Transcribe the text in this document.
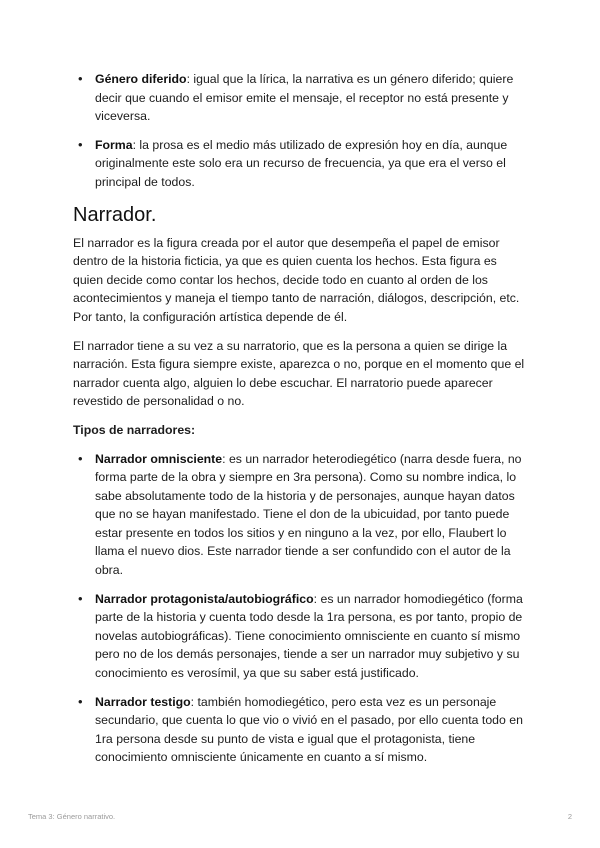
• Género diferido: igual que la lírica, la narrativa es un género diferido; quiere decir que cuando el emisor emite el mensaje, el receptor no está presente y viceversa.
• Forma: la prosa es el medio más utilizado de expresión hoy en día, aunque originalmente este solo era un recurso de frecuencia, ya que era el verso el principal de todos.
Narrador.

El narrador es la figura creada por el autor que desempeña el papel de emisor dentro de la historia ficticia, ya que es quien cuenta los hechos. Esta figura es quien decide como contar los hechos, decide todo en cuanto al orden de los acontecimientos y maneja el tiempo tanto de narración, diálogos, descripción, etc. Por tanto, la configuración artística depende de él.

El narrador tiene a su vez a su narratorio, que es la persona a quien se dirige la narración. Esta figura siempre existe, aparezca o no, porque en el momento que el narrador cuenta algo, alguien lo debe escuchar. El narratorio puede aparecer revestido de personalidad o no.

Tipos de narradores:

• Narrador omnisciente: es un narrador heterodiegético (narra desde fuera, no forma parte de la obra y siempre en 3ra persona). Como su nombre indica, lo sabe absolutamente todo de la historia y de personajes, aunque hayan datos que no se hayan manifestado. Tiene el don de la ubicuidad, por tanto puede estar presente en todos los sitios y en ninguno a la vez, por ello, Flaubert lo llama el nuevo dios. Este narrador tiende a ser confundido con el autor de la obra.
• Narrador protagonista/autobiográfico: es un narrador homodiegético (forma parte de la historia y cuenta todo desde la 1ra persona, es por tanto, propio de novelas autobiográficas). Tiene conocimiento omnisciente en cuanto sí mismo pero no de los demás personajes, tiende a ser un narrador muy subjetivo y su conocimiento es verosímil, ya que su saber está justificado.
• Narrador testigo: también homodiegético, pero esta vez es un personaje secundario, que cuenta lo que vio o vivió en el pasado, por ello cuenta todo en 1ra persona desde su punto de vista e igual que el protagonista, tiene conocimiento omnisciente únicamente en cuanto a sí mismo.
Tema 3: Género narrativo.	2
